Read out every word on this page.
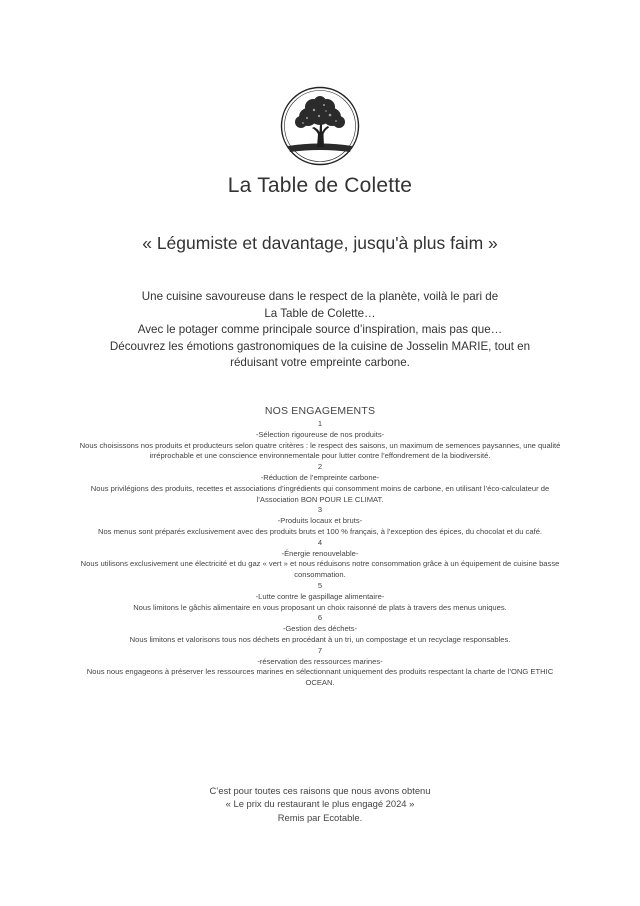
La Table de Colette
« Légumiste et davantage, jusqu'à plus faim »
Une cuisine savoureuse dans le respect de la planète, voilà le pari de
La Table de Colette…
Avec le potager comme principale source d’inspiration, mais pas que…
Découvrez les émotions gastronomiques de la cuisine de Josselin MARIE, tout en
réduisant votre empreinte carbone.
NOS ENGAGEMENTS
1
-Sélection rigoureuse de nos produits-
Nous choisissons nos produits et producteurs selon quatre critères : le respect des saisons, un maximum de semences paysannes, une qualité irréprochable et une conscience environnementale pour lutter contre l’effondrement de la biodiversité.
2
-Réduction de l’empreinte carbone-
Nous privilégions des produits, recettes et associations d’ingrédients qui consomment moins de carbone, en utilisant l’éco-calculateur de l’Association BON POUR LE CLIMAT.
3
-Produits locaux et bruts-
Nos menus sont préparés exclusivement avec des produits bruts et 100 % français, à l’exception des épices, du chocolat et du café.
4
-Énergie renouvelable-
Nous utilisons exclusivement une électricité et du gaz « vert » et nous réduisons notre consommation grâce à un équipement de cuisine basse consommation.
5
-Lutte contre le gaspillage alimentaire-
Nous limitons le gâchis alimentaire en vous proposant un choix raisonné de plats à travers des menus uniques.
6
-Gestion des déchets-
Nous limitons et valorisons tous nos déchets en procédant à un tri, un compostage et un recyclage responsables.
7
-réservation des ressources marines-
Nous nous engageons à préserver les ressources marines en sélectionnant uniquement des produits respectant la charte de l’ONG ETHIC OCEAN.
C’est pour toutes ces raisons que nous avons obtenu
« Le prix du restaurant le plus engagé 2024 »
Remis par Ecotable.
